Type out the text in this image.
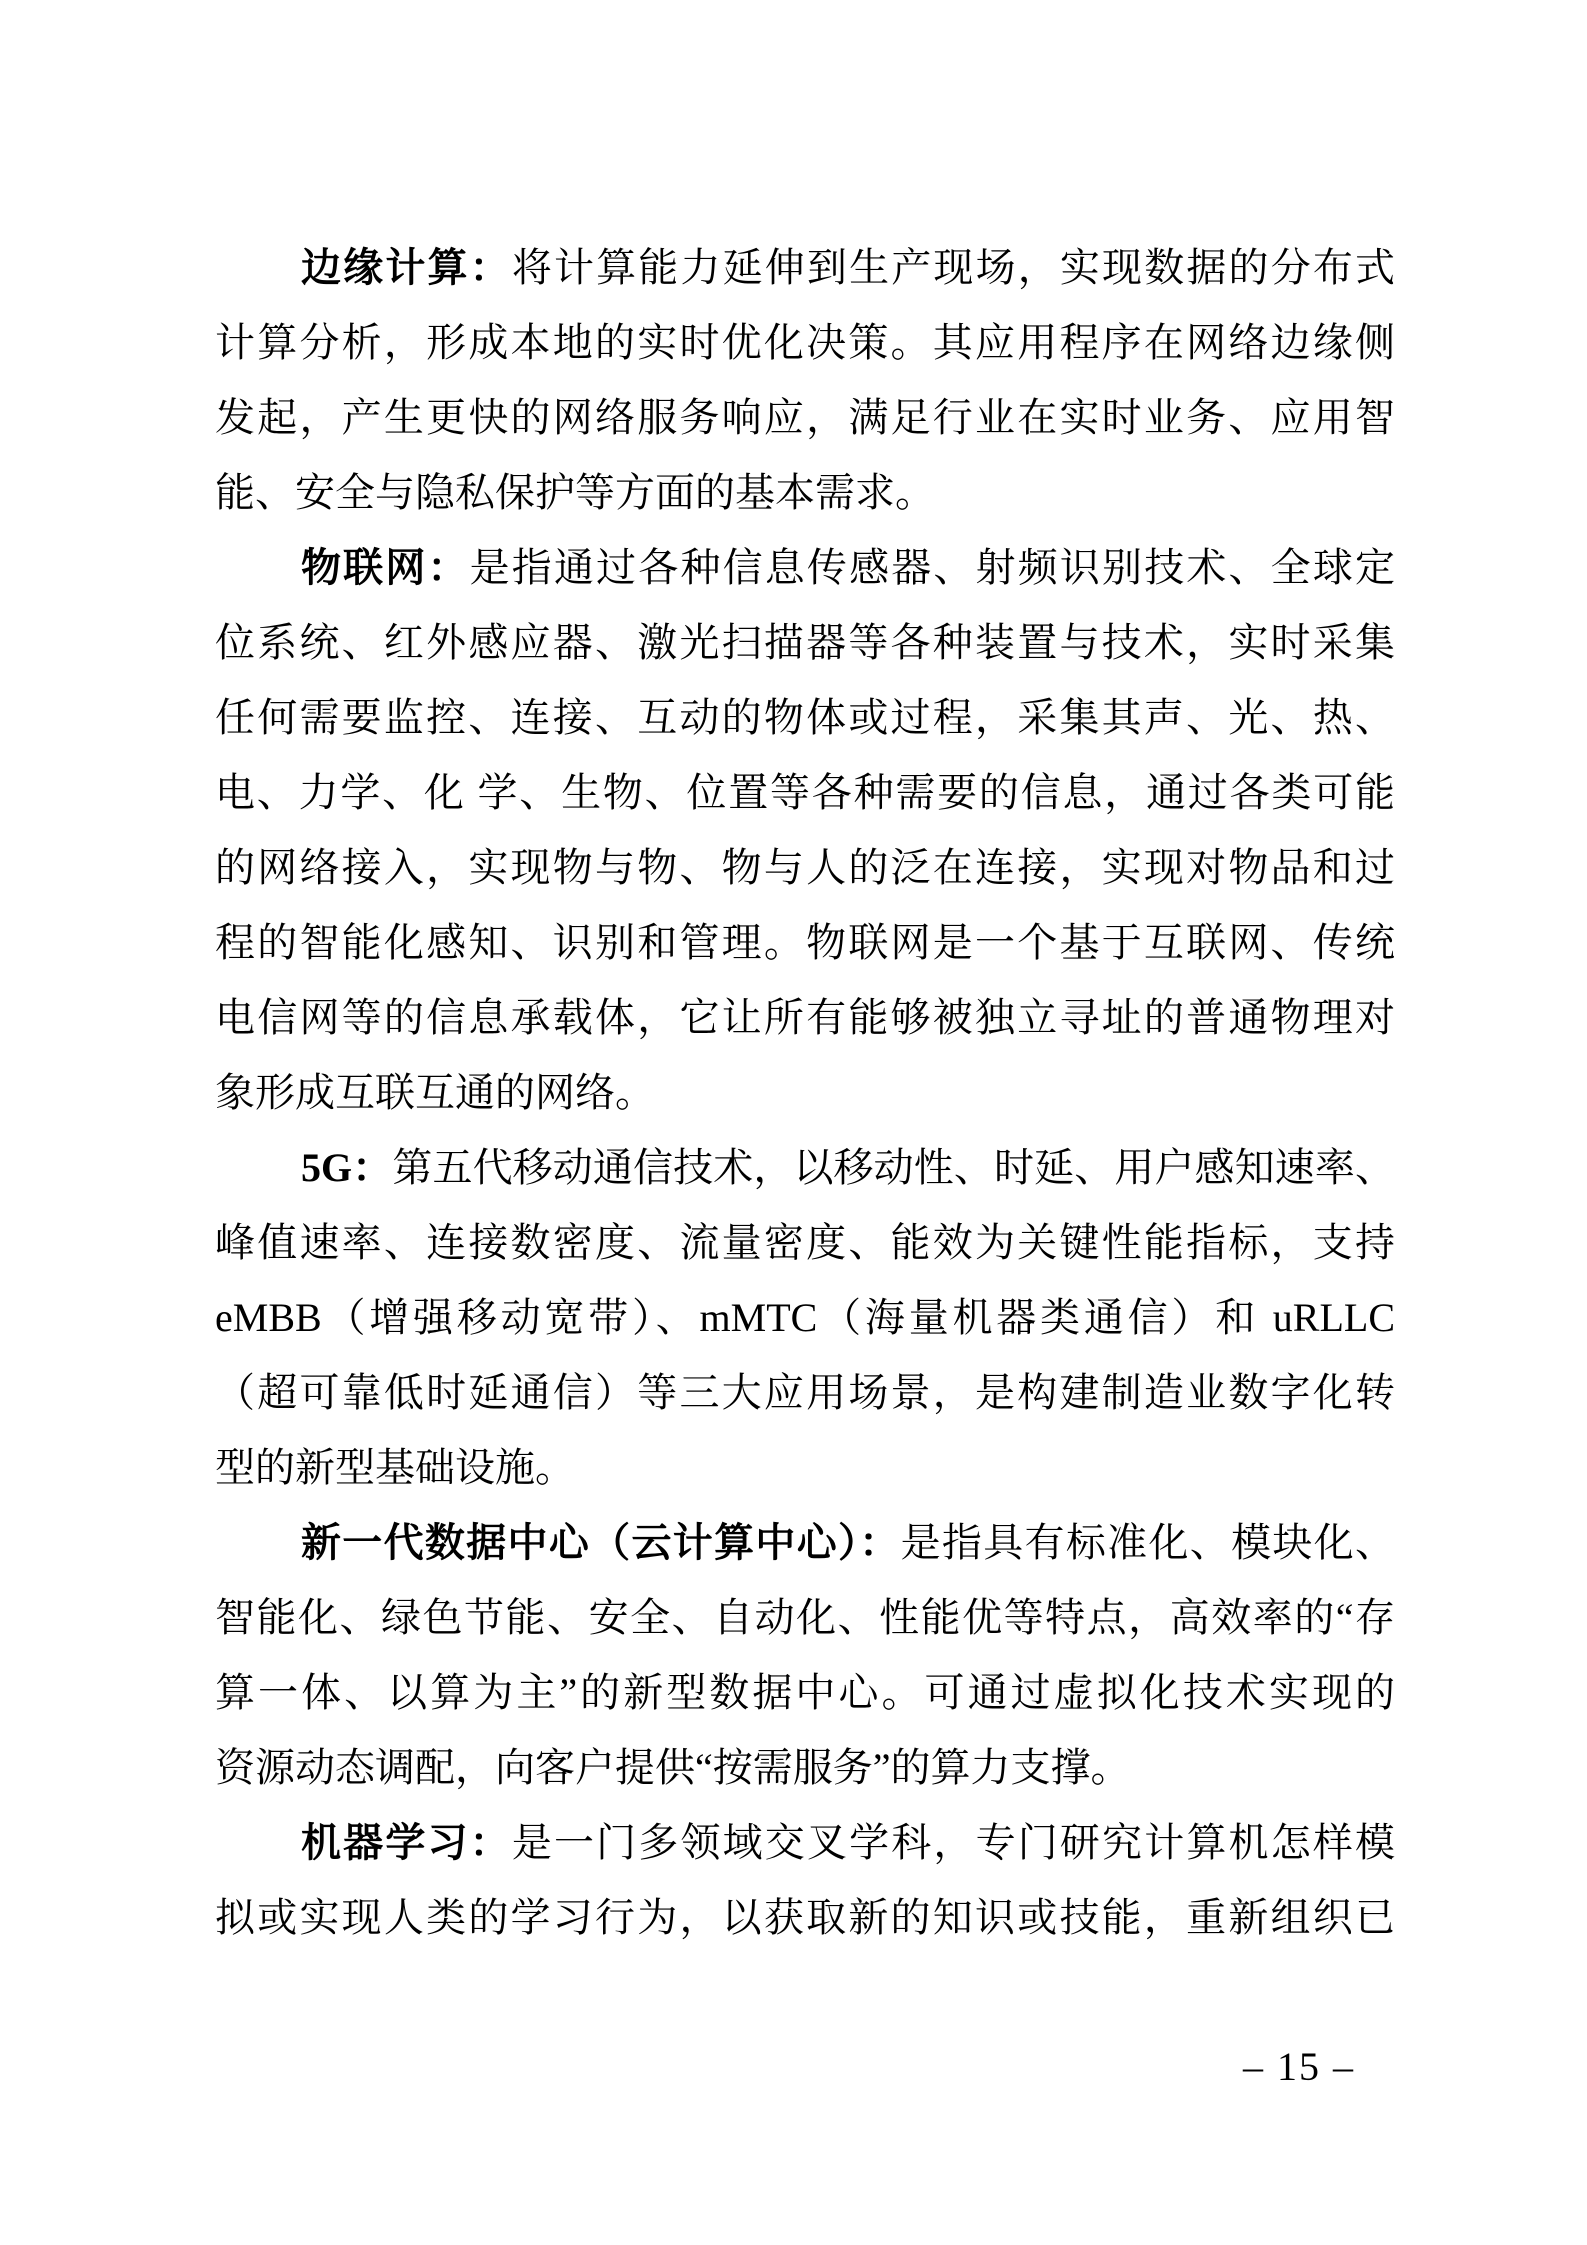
边缘计算：将计算能力延伸到生产现场，实现数据的分布式
计算分析，形成本地的实时优化决策。其应用程序在网络边缘侧
发起，产生更快的网络服务响应，满足行业在实时业务、应用智
能、安全与隐私保护等方面的基本需求。
物联网：是指通过各种信息传感器、射频识别技术、全球定
位系统、红外感应器、激光扫描器等各种装置与技术，实时采集
任何需要监控、连接、互动的物体或过程，采集其声、光、热、
电、力学、化 学、生物、位置等各种需要的信息，通过各类可能
的网络接入，实现物与物、物与人的泛在连接，实现对物品和过
程的智能化感知、识别和管理。物联网是一个基于互联网、传统
电信网等的信息承载体，它让所有能够被独立寻址的普通物理对
象形成互联互通的网络。
5G：第五代移动通信技术，以移动性、时延、用户感知速率、
峰值速率、连接数密度、流量密度、能效为关键性能指标，支持
eMBB（增强移动宽带）、mMTC（海量机器类通信）和 uRLLC
（超可靠低时延通信）等三大应用场景，是构建制造业数字化转
型的新型基础设施。
新一代数据中心（云计算中心）：是指具有标准化、模块化、
智能化、绿色节能、安全、自动化、性能优等特点，高效率的“存
算一体、以算为主”的新型数据中心。可通过虚拟化技术实现的
资源动态调配，向客户提供“按需服务”的算力支撑。
机器学习：是一门多领域交叉学科，专门研究计算机怎样模
拟或实现人类的学习行为，以获取新的知识或技能，重新组织已
– 15 –
